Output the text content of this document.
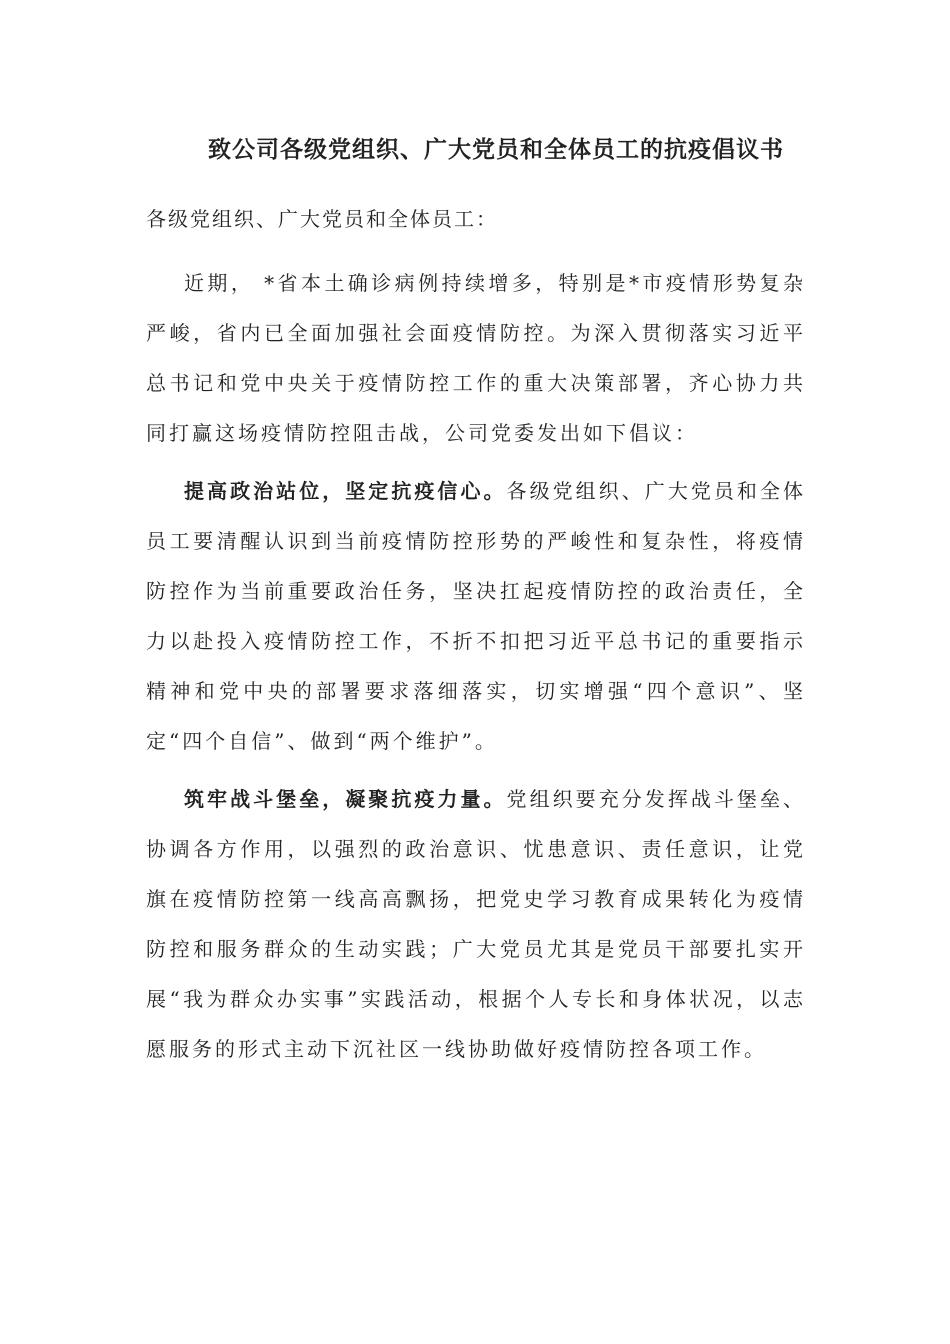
致公司各级党组织、广大党员和全体员工的抗疫倡议书

各级党组织、广大党员和全体员工：

近期， *省本土确诊病例持续增多，特别是*市疫情形势复杂严峻，省内已全面加强社会面疫情防控。为深入贯彻落实习近平总书记和党中央关于疫情防控工作的重大决策部署，齐心协力共同打赢这场疫情防控阻击战，公司党委发出如下倡议：

提高政治站位，坚定抗疫信心。各级党组织、广大党员和全体员工要清醒认识到当前疫情防控形势的严峻性和复杂性，将疫情防控作为当前重要政治任务，坚决扛起疫情防控的政治责任，全力以赴投入疫情防控工作，不折不扣把习近平总书记的重要指示精神和党中央的部署要求落细落实，切实增强“四个意识”、坚定“四个自信”、做到“两个维护”。

筑牢战斗堡垒，凝聚抗疫力量。党组织要充分发挥战斗堡垒、协调各方作用，以强烈的政治意识、忧患意识、责任意识，让党旗在疫情防控第一线高高飘扬，把党史学习教育成果转化为疫情防控和服务群众的生动实践；广大党员尤其是党员干部要扎实开展“我为群众办实事”实践活动，根据个人专长和身体状况，以志愿服务的形式主动下沉社区一线协助做好疫情防控各项工作。
